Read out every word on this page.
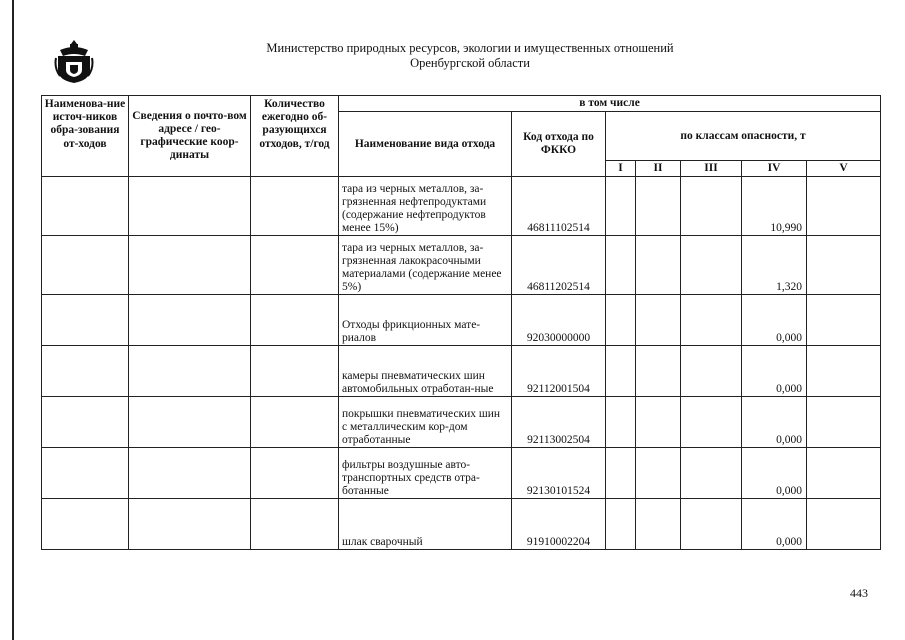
Министерство природных ресурсов, экологии и имущественных отношений
Оренбургской области
Наименова-ние источ-ников обра-зования от-ходов	Сведения о почто-вом адресе / гео-графические коор-динаты	Количество ежегодно об-разующихся отходов, т/год	в том числе						
			Наименование вида отхода	Код отхода по ФККО	по классам опасности, т				
					I	II	III	IV	V
			тара из черных металлов, за-грязненная нефтепродуктами (содержание нефтепродуктов менее 15%)	46811102514				10,990	
			тара из черных металлов, за-грязненная лакокрасочными материалами (содержание менее 5%)	46811202514				1,320	
			Отходы фрикционных мате-риалов	92030000000				0,000	
			камеры пневматических шин автомобильных отработан-ные	92112001504				0,000	
			покрышки пневматических шин с металлическим кор-дом отработанные	92113002504				0,000	
			фильтры воздушные авто-транспортных средств отра-ботанные	92130101524				0,000	
			шлак сварочный	91910002204				0,000	
443
